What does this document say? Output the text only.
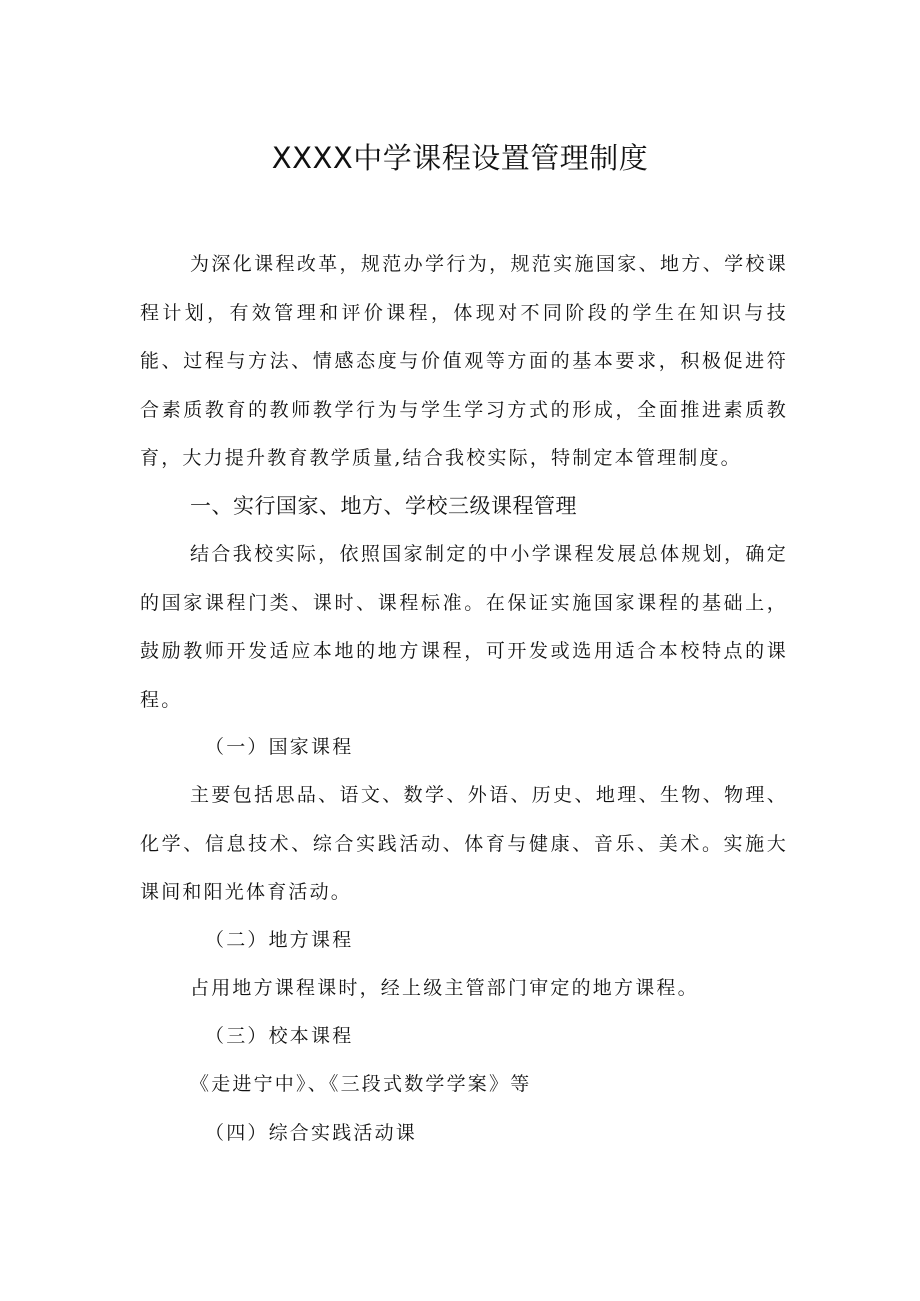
XXXX中学课程设置管理制度

为深化课程改革，规范办学行为，规范实施国家、地方、学校课程计划，有效管理和评价课程，体现对不同阶段的学生在知识与技能、过程与方法、情感态度与价值观等方面的基本要求，积极促进符合素质教育的教师教学行为与学生学习方式的形成，全面推进素质教育，大力提升教育教学质量,结合我校实际，特制定本管理制度。

一、实行国家、地方、学校三级课程管理

结合我校实际，依照国家制定的中小学课程发展总体规划，确定的国家课程门类、课时、课程标准。在保证实施国家课程的基础上，鼓励教师开发适应本地的地方课程，可开发或选用适合本校特点的课程。

（一）国家课程

主要包括思品、语文、数学、外语、历史、地理、生物、物理、化学、信息技术、综合实践活动、体育与健康、音乐、美术。实施大课间和阳光体育活动。

（二）地方课程
占用地方课程课时，经上级主管部门审定的地方课程。
（三）校本课程
《走进宁中》、《三段式数学学案》等
（四）综合实践活动课
